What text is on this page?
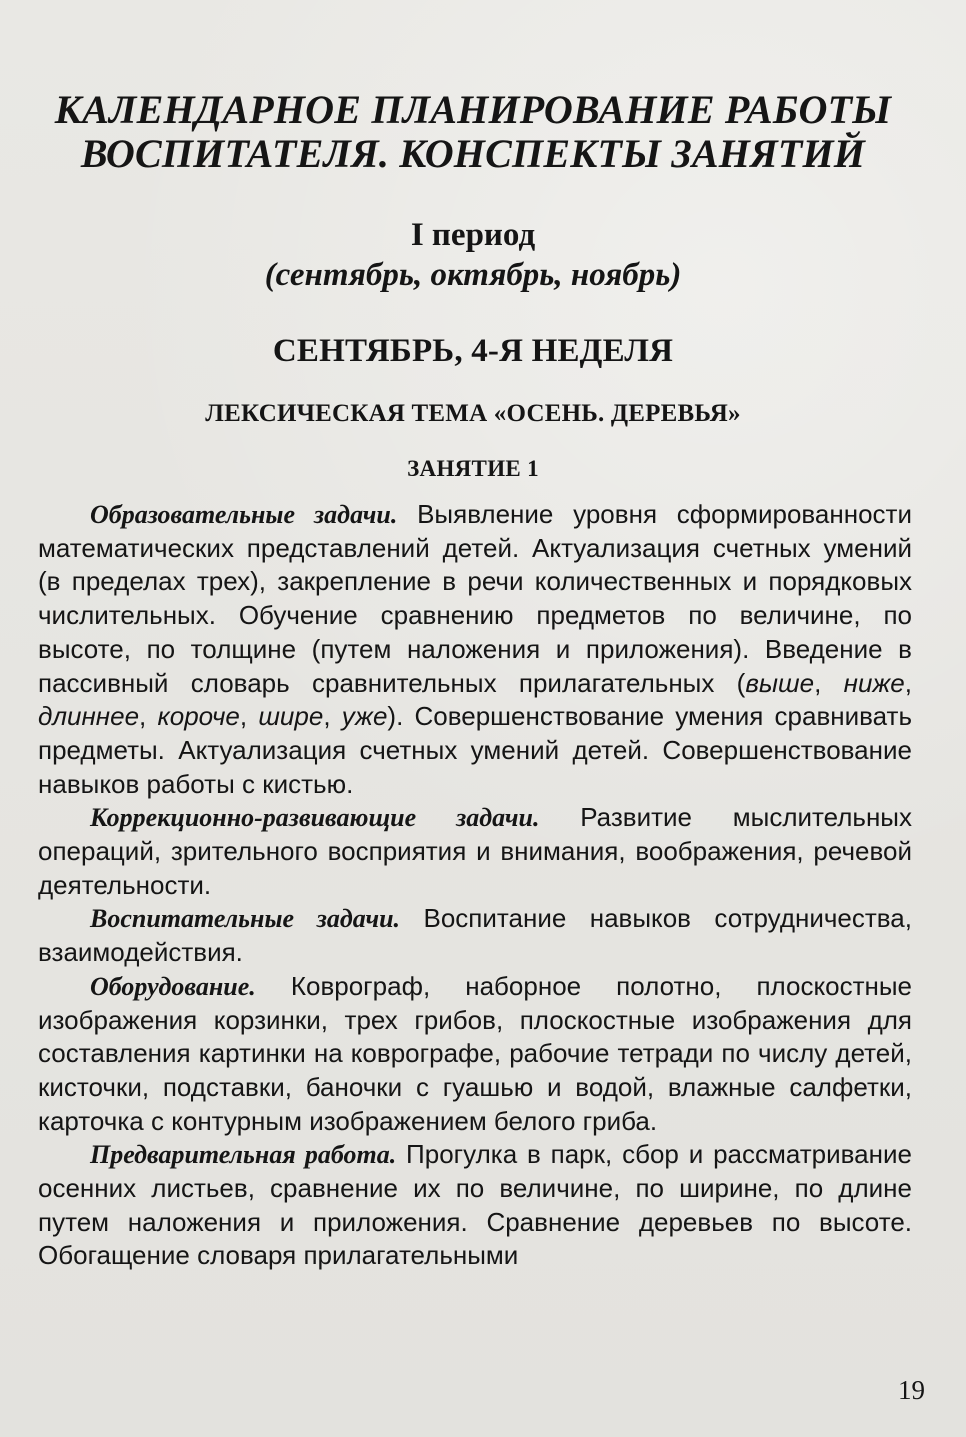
КАЛЕНДАРНОЕ ПЛАНИРОВАНИЕ РАБОТЫ
ВОСПИТАТЕЛЯ. КОНСПЕКТЫ ЗАНЯТИЙ
I период
(сентябрь, октябрь, ноябрь)
СЕНТЯБРЬ, 4-Я НЕДЕЛЯ
ЛЕКСИЧЕСКАЯ ТЕМА «ОСЕНЬ. ДЕРЕВЬЯ»
ЗАНЯТИЕ 1

Образовательные задачи. Выявление уровня сформированности математических представлений детей. Актуализация счетных умений (в пределах трех), закрепление в речи количественных и порядковых числительных. Обучение сравнению предметов по величине, по высоте, по толщине (путем наложения и приложения). Введение в пассивный словарь сравнительных прилагательных (выше, ниже, длиннее, короче, шире, уже). Совершенствование умения сравнивать предметы. Актуализация счетных умений детей. Совершенствование навыков работы с кистью.

Коррекционно-развивающие задачи. Развитие мыслительных операций, зрительного восприятия и внимания, воображения, речевой деятельности.

Воспитательные задачи. Воспитание навыков сотрудничества, взаимодействия.

Оборудование. Коврограф, наборное полотно, плоскостные изображения корзинки, трех грибов, плоскостные изображения для составления картинки на коврографе, рабочие тетради по числу детей, кисточки, подставки, баночки с гуашью и водой, влажные салфетки, карточка с контурным изображением белого гриба.

Предварительная работа. Прогулка в парк, сбор и рассматривание осенних листьев, сравнение их по величине, по ширине, по длине путем наложения и приложения. Сравнение деревьев по высоте. Обогащение словаря прилагательными

19
